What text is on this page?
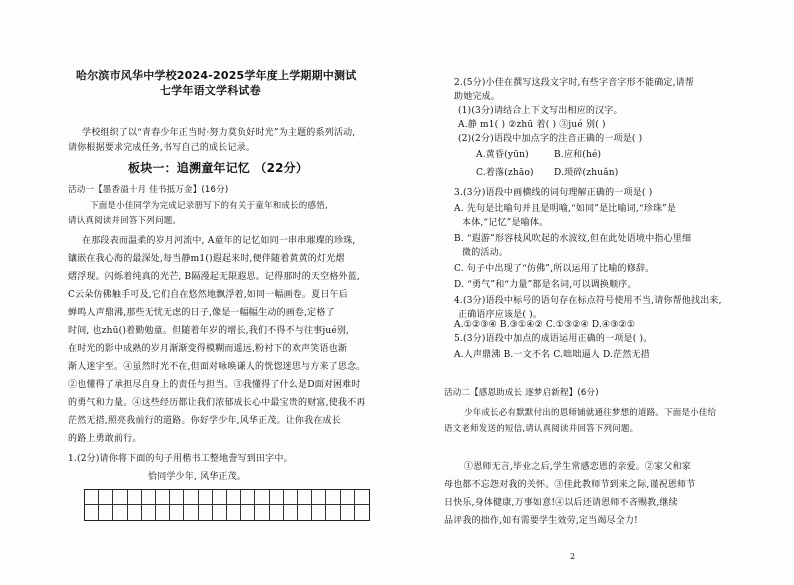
哈尔滨市风华中学校2024-2025学年度上学期期中测试
七学年语文学科试卷
学校组织了以“青春少年正当时·努力莫负好时光”为主题的系列活动,
请你根据要求完成任务,书写自己的成长记录。
板块一：追溯童年记忆 （22分）
活动一【墨香溢十月 佳书抵万金】(16分)
下面是小佳同学为完成记录册写下的有关于童年和成长的感悟,
请认真阅读并回答下列问题。
在那段表而温柔的岁月河流中, A童年的记忆如同一串串璀璨的珍珠,
镶嵌在我心海的最深处,每当静m1()遐起来时,便伴随着黄黄的灯光熠
熠浮现。闪烁着纯真的光芒, B隔漫起无限遐思。记得那时的天空格外蓝,
C云朵仿佛触手可及,它们自在悠然地飘浮着,如同一幅画卷。夏日午后
蝉鸣人声鼎沸,那些无忧无虑的日子,像是一幅幅生动的画卷,定格了
时间, 也zhū()着勤勉童。但随着年岁的增长,我们不得不与往事jué别,
在时光的影中成熟的岁月渐渐变得模糊而遥远,粉衬下的欢声笑语也渐
渐人迷宇至。④虽然时光不在,但面对咏唤谦人的恍惚迷思与方来了思念。
②也懂得了承担尽自身上的责任与担当。③我懂得了什么是D面对困难时
的勇气和力量。④这些经历都让我们浓郁成长心中最宝贵的财富,使我不再
茫然无措,照亮我前行的道路。你好学少年,风华正茂。让你我在成长
的路上勇敢前行。
1.(2分)请你将下面的句子用楷书工整地誊写到田字中。
恰同学少年, 风华正茂。
2.(5分)小佳在撰写这段文字时,有些字音字形不能确定,请帮
助她完成。
(1)(3分)请结合上下文写出相应的汉字。
A.静 m1( ) ②zhū 着( ) ③jué 别( )
(2)(2分)语段中加点字的注音正确的一项是( )
A.黄昏(yūn)	B.应和(hé)
C.着落(zhāo) D.琐碎(zhuǎn)
3.(3分)语段中画横线的词句理解正确的一项是( )
A. 先句是比喻句并且是明喻,“如同”是比喻词,“珍珠”是
本体,“记忆”是喻体。
B. “遐游”形容枝风吹起的水波纹,但在此处语境中指心里细
微的活动。
C. 句子中出现了“仿佛”,所以运用了比喻的修辞。
D. “勇气”和“力量”都是名词,可以调换顺序。
4.(3分)语段中标号的语句存在标点符号使用不当,请你帮他找出来,
正确语序应该是( )。
A.①②③④ B.③①④② C.①③②④ D.④③②①
5.(3分)语段中加点的成语运用正确的一项是( )。
A.人声鼎沸 B.一文不名 C.咄咄逼人 D.茫然无措
活动二【感恩助成长 逐梦启新程】(6分)
少年成长必有默默付出的恩师铺就通往梦想的道路。下面是小佳给
语文老师发送的短信,请认真阅读并回答下列问题。
①恩师无言,毕业之后,学生常感恋恩的亲爱。②家父和家
母也都不忘怨对我的关怀。③佳此教师节到来之际,谨祝恩师节
日快乐,身体健康,万事如意!④以后还请恩师不吝赐教,继续
品评我的拙作,如有需要学生效劳,定当竭尽全力!
2
